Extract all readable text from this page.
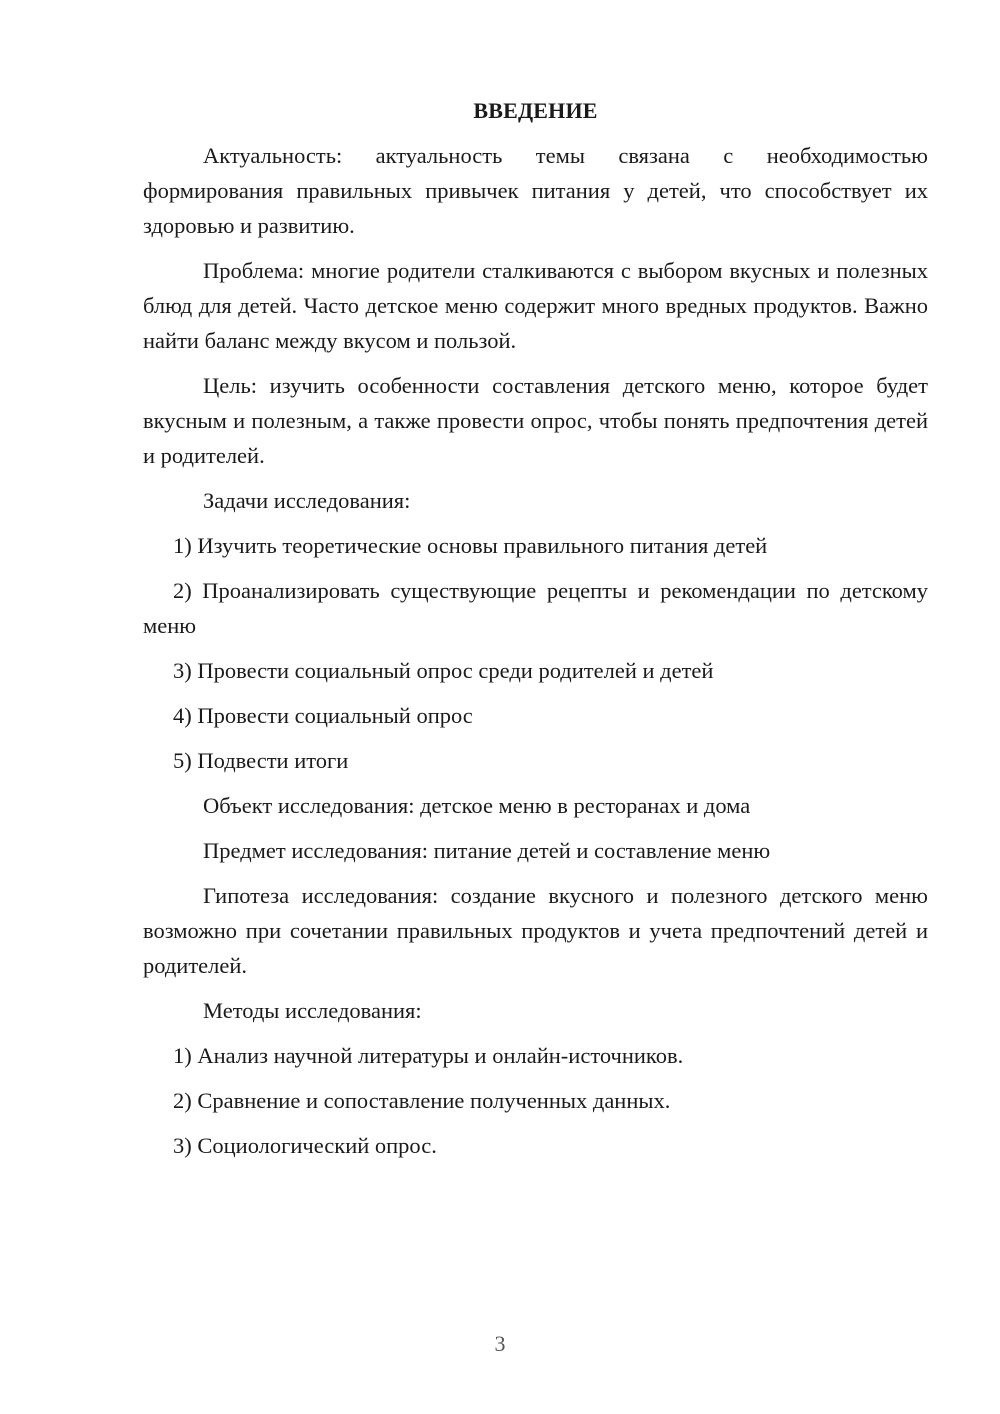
ВВЕДЕНИЕ
Актуальность: актуальность темы связана с необходимостью формирования правильных привычек питания у детей, что способствует их здоровью и развитию.
Проблема: многие родители сталкиваются с выбором вкусных и полезных блюд для детей. Часто детское меню содержит много вредных продуктов. Важно найти баланс между вкусом и пользой.
Цель: изучить особенности составления детского меню, которое будет вкусным и полезным, а также провести опрос, чтобы понять предпочтения детей и родителей.
Задачи исследования:
1) Изучить теоретические основы правильного питания детей
2) Проанализировать существующие рецепты и рекомендации по детскому меню
3) Провести социальный опрос среди родителей и детей
4) Провести социальный опрос
5) Подвести итоги
Объект исследования: детское меню в ресторанах и дома
Предмет исследования: питание детей и составление меню
Гипотеза исследования: создание вкусного и полезного детского меню возможно при сочетании правильных продуктов и учета предпочтений детей и родителей.
Методы исследования:
1) Анализ научной литературы и онлайн-источников.
2) Сравнение и сопоставление полученных данных.
3) Социологический опрос.
3
